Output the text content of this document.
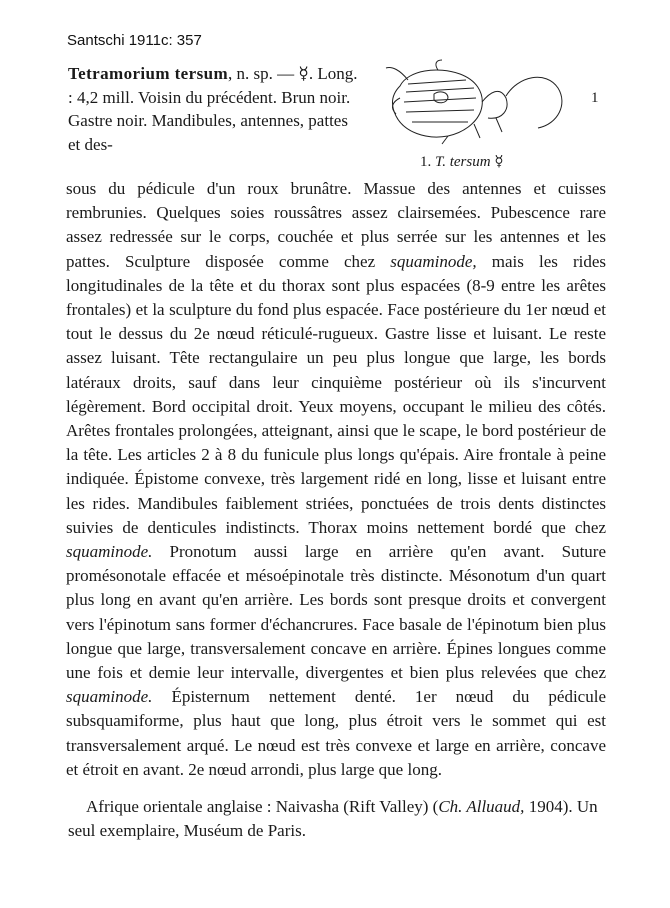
Santschi 1911c: 357
Tetramorium tersum, n. sp. — ☿. Long. : 4,2 mill. Voisin du précédent. Brun noir. Gastre noir. Mandibules, antennes, pattes et des-
1
1. T. tersum ☿

sous du pédicule d'un roux brunâtre. Massue des antennes et cuisses rembrunies. Quelques soies roussâtres assez clairsemées. Pubescence rare assez redressée sur le corps, couchée et plus serrée sur les antennes et les pattes. Sculpture disposée comme chez squaminode, mais les rides longitudinales de la tête et du thorax sont plus espacées (8-9 entre les arêtes frontales) et la sculpture du fond plus espacée. Face postérieure du 1er nœud et tout le dessus du 2e nœud réticulé-rugueux. Gastre lisse et luisant. Le reste assez luisant. Tête rectangulaire un peu plus longue que large, les bords latéraux droits, sauf dans leur cinquième postérieur où ils s'incurvent légèrement. Bord occipital droit. Yeux moyens, occupant le milieu des côtés. Arêtes frontales prolongées, atteignant, ainsi que le scape, le bord postérieur de la tête. Les articles 2 à 8 du funicule plus longs qu'épais. Aire frontale à peine indiquée. Épistome convexe, très largement ridé en long, lisse et luisant entre les rides. Mandibules faiblement striées, ponctuées de trois dents distinctes suivies de denticules indistincts. Thorax moins nettement bordé que chez squaminode. Pronotum aussi large en arrière qu'en avant. Suture promésonotale effacée et mésoépinotale très distincte. Mésonotum d'un quart plus long en avant qu'en arrière. Les bords sont presque droits et convergent vers l'épinotum sans former d'échancrures. Face basale de l'épinotum bien plus longue que large, transversalement concave en arrière. Épines longues comme une fois et demie leur intervalle, divergentes et bien plus relevées que chez squaminode. Épisternum nettement denté. 1er nœud du pédicule subsquamiforme, plus haut que long, plus étroit vers le sommet qui est transversalement arqué. Le nœud est très convexe et large en arrière, concave et étroit en avant. 2e nœud arrondi, plus large que long.

Afrique orientale anglaise : Naivasha (Rift Valley) (Ch. Alluaud, 1904). Un seul exemplaire, Muséum de Paris.
